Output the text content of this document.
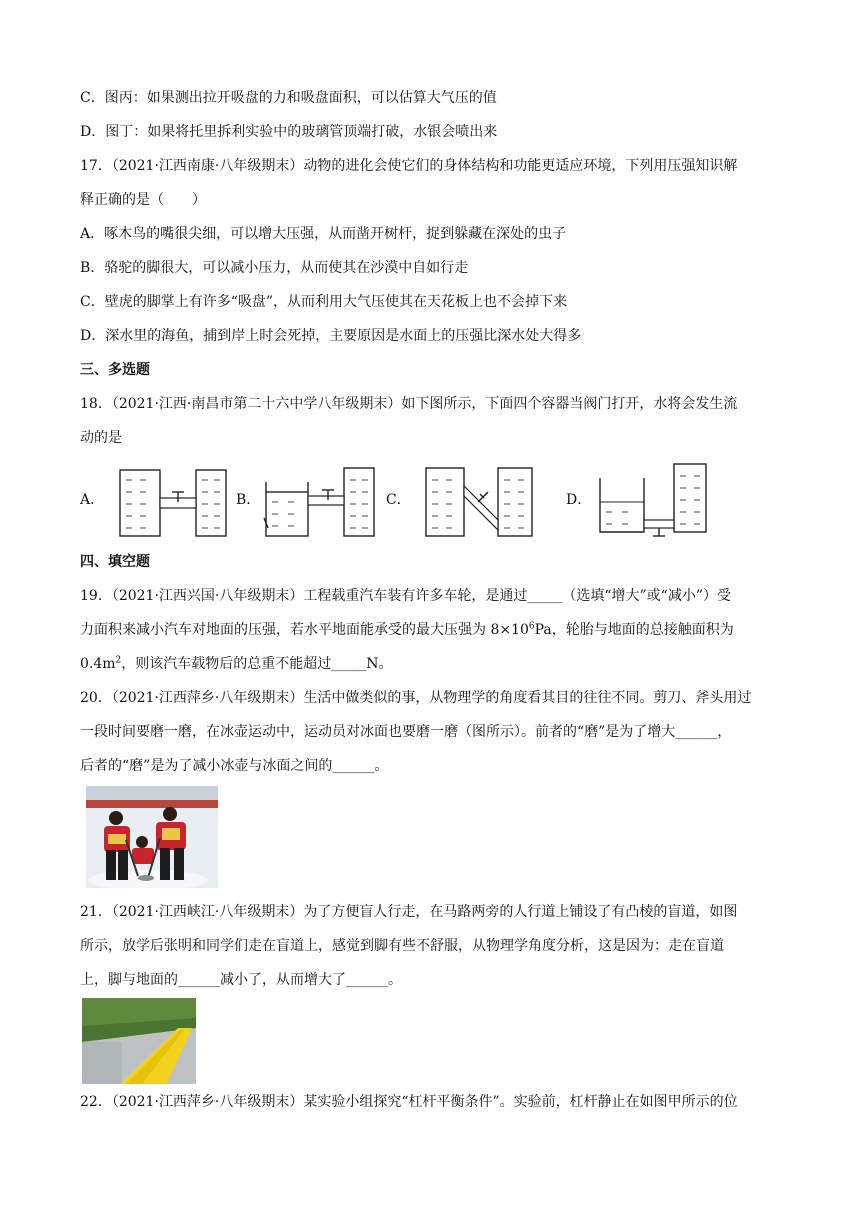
C．图丙：如果测出拉开吸盘的力和吸盘面积，可以估算大气压的值
D．图丁：如果将托里拆利实验中的玻璃管顶端打破，水银会喷出来
17．（2021·江西南康·八年级期末）动物的进化会使它们的身体结构和功能更适应环境，下列用压强知识解
释正确的是（　　）
A．啄木鸟的嘴很尖细，可以增大压强，从而凿开树杆，捉到躲藏在深处的虫子
B．骆驼的脚很大，可以减小压力，从而使其在沙漠中自如行走
C．壁虎的脚掌上有许多“吸盘”，从而利用大气压使其在天花板上也不会掉下来
D．深水里的海鱼，捕到岸上时会死掉，主要原因是水面上的压强比深水处大得多
三、多选题
18．（2021·江西·南昌市第二十六中学八年级期末）如下图所示，下面四个容器当阀门打开，水将会发生流
动的是
A．	B．	C．	D．
四、填空题
19．（2021·江西兴国·八年级期末）工程载重汽车装有许多车轮，是通过_____（选填“增大”或“减小”）受
力面积来减小汽车对地面的压强，若水平地面能承受的最大压强为 $8\times 10^6Pa$，轮胎与地面的总接触面积为
$0.4m^2$，则该汽车载物后的总重不能超过_____N。
20．（2021·江西萍乡·八年级期末）生活中做类似的事，从物理学的角度看其目的往往不同。剪刀、斧头用过
一段时间要磨一磨，在冰壶运动中，运动员对冰面也要磨一磨（图所示）。前者的“磨”是为了增大______，
后者的“磨”是为了减小冰壶与冰面之间的______。
21．（2021·江西峡江·八年级期末）为了方便盲人行走，在马路两旁的人行道上铺设了有凸棱的盲道，如图
所示，放学后张明和同学们走在盲道上，感觉到脚有些不舒服，从物理学角度分析，这是因为：走在盲道
上，脚与地面的______减小了，从而增大了______。
22．（2021·江西萍乡·八年级期末）某实验小组探究“杠杆平衡条件”。实验前，杠杆静止在如图甲所示的位
